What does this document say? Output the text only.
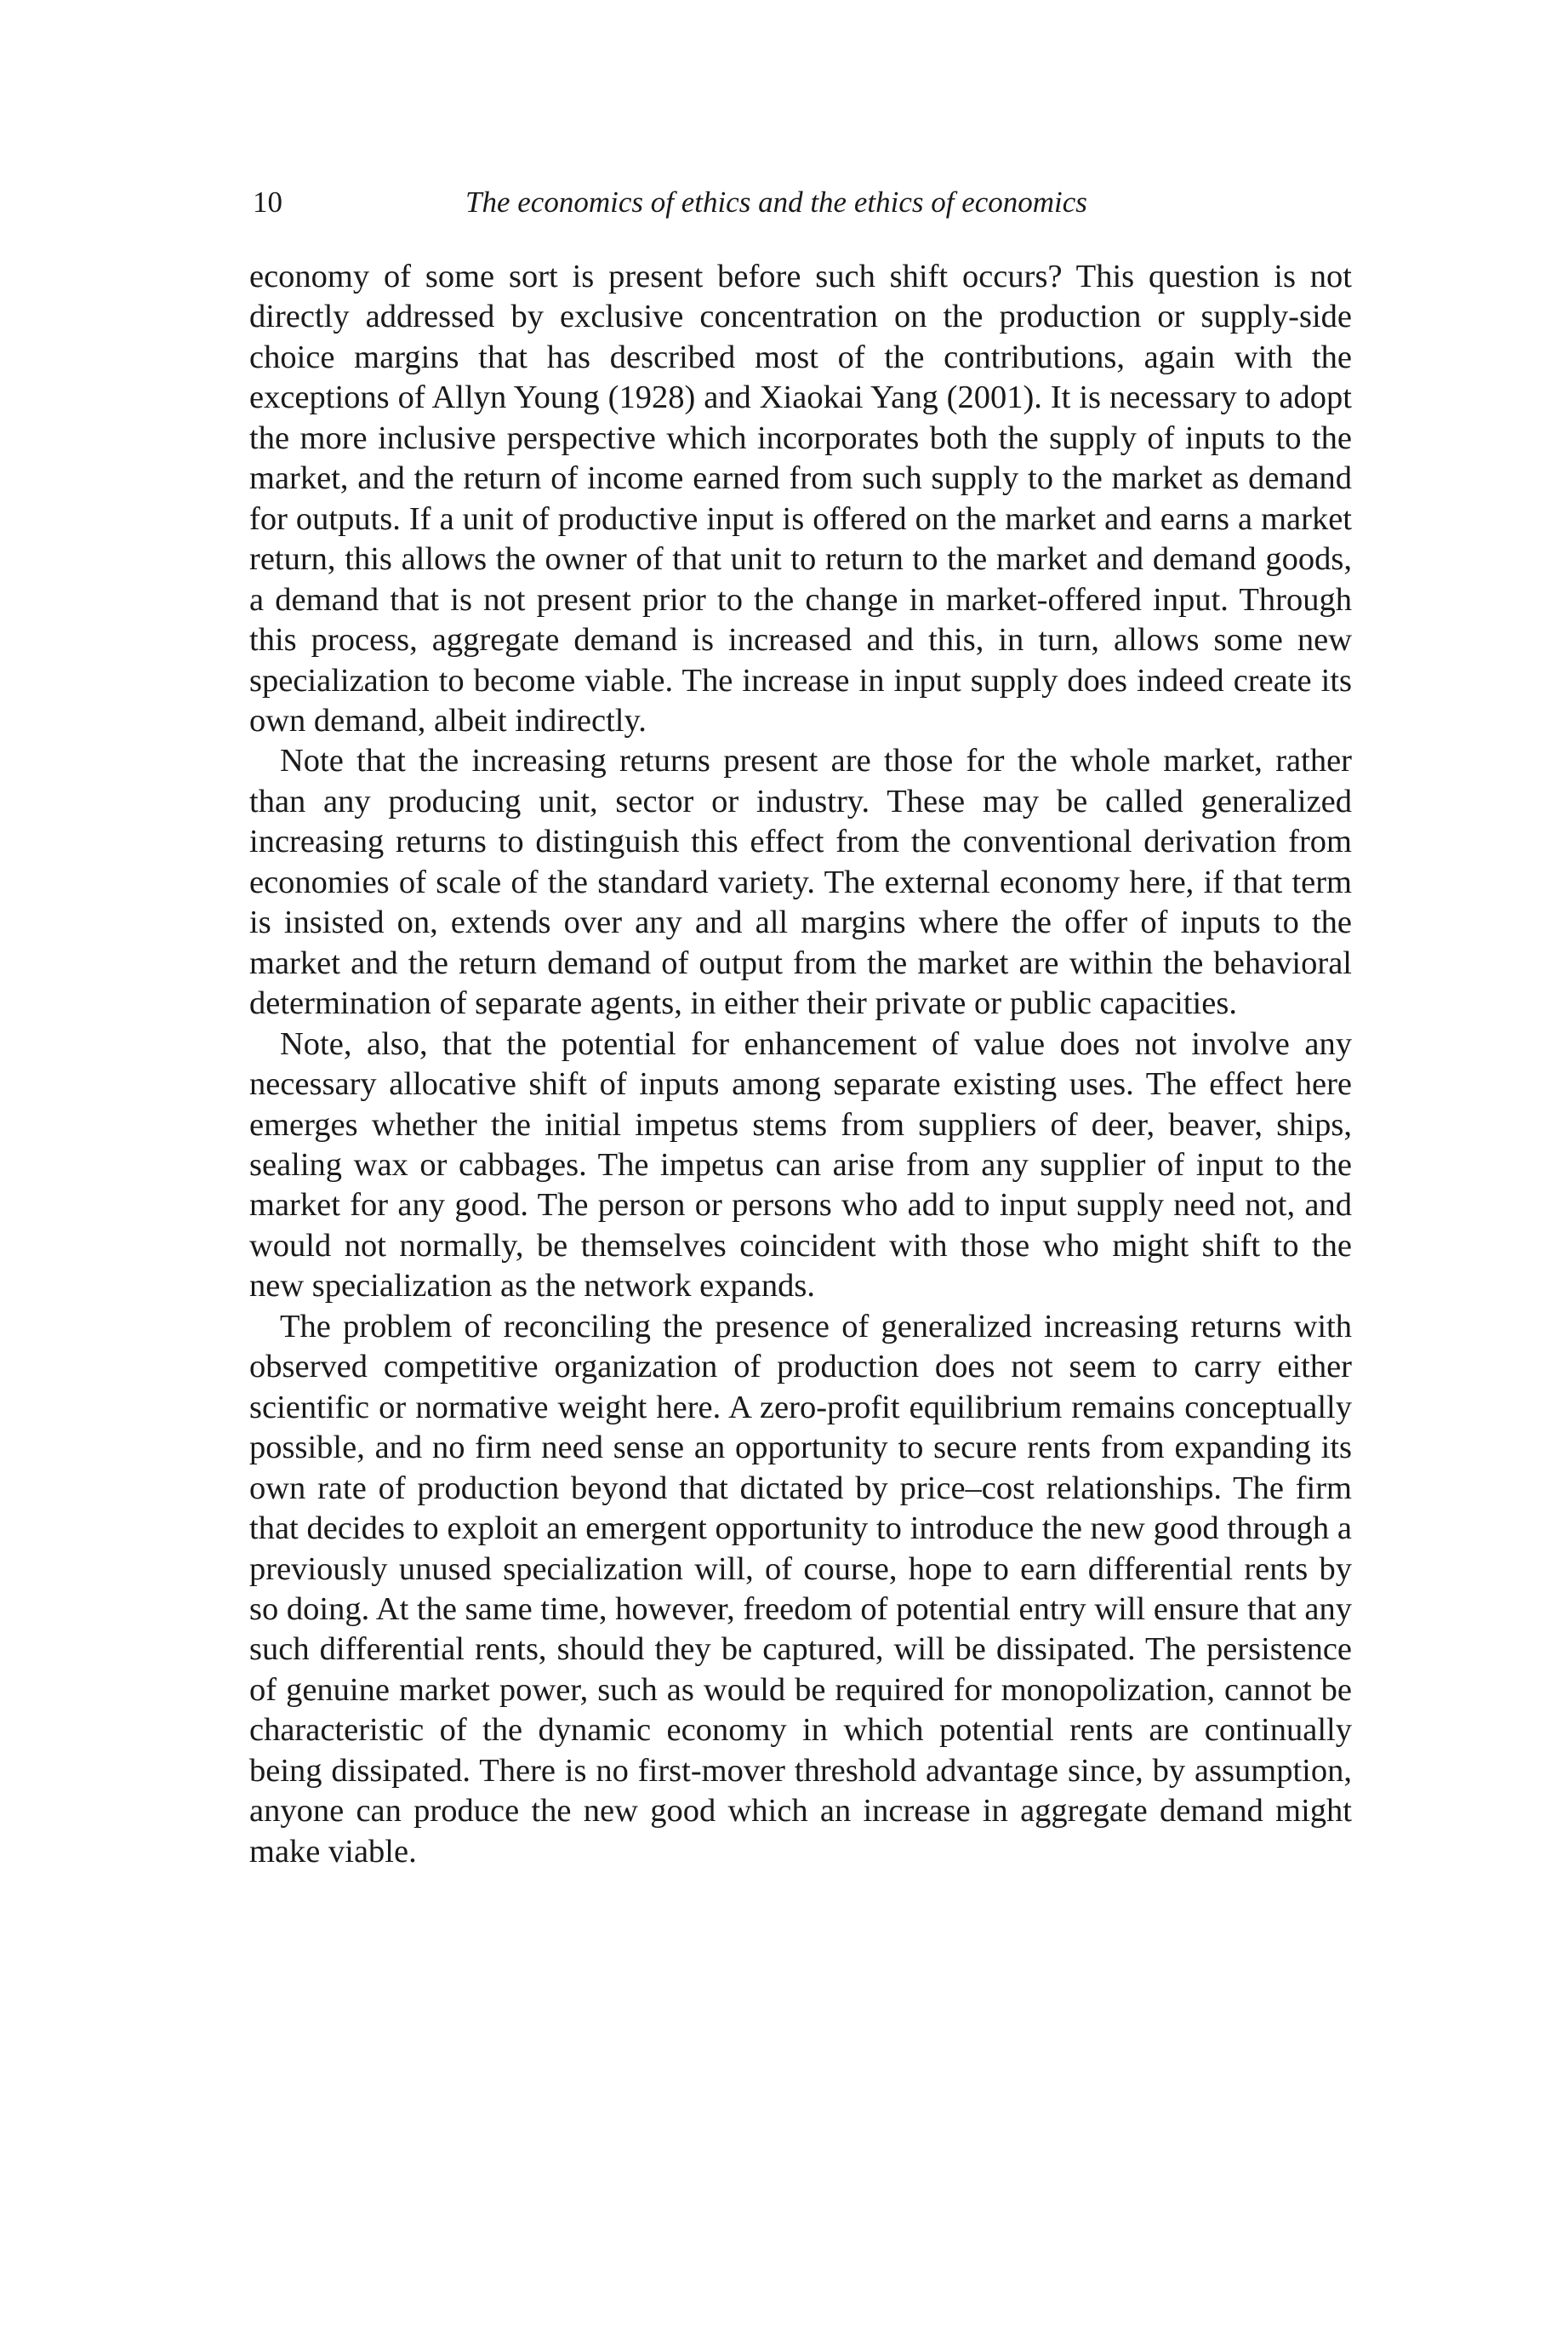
10	The economics of ethics and the ethics of economics

economy of some sort is present before such shift occurs? This question is not directly addressed by exclusive concentration on the production or supply-side choice margins that has described most of the contributions, again with the exceptions of Allyn Young (1928) and Xiaokai Yang (2001). It is necessary to adopt the more inclusive perspective which incorporates both the supply of inputs to the market, and the return of income earned from such supply to the market as demand for outputs. If a unit of productive input is offered on the market and earns a market return, this allows the owner of that unit to return to the market and demand goods, a demand that is not present prior to the change in market-offered input. Through this process, aggregate demand is increased and this, in turn, allows some new specialization to become viable. The increase in input supply does indeed create its own demand, albeit indirectly.

Note that the increasing returns present are those for the whole market, rather than any producing unit, sector or industry. These may be called generalized increasing returns to distinguish this effect from the conventional derivation from economies of scale of the standard variety. The external economy here, if that term is insisted on, extends over any and all margins where the offer of inputs to the market and the return demand of output from the market are within the behavioral determination of separate agents, in either their private or public capacities.

Note, also, that the potential for enhancement of value does not involve any necessary allocative shift of inputs among separate existing uses. The effect here emerges whether the initial impetus stems from suppliers of deer, beaver, ships, sealing wax or cabbages. The impetus can arise from any supplier of input to the market for any good. The person or persons who add to input supply need not, and would not normally, be themselves coincident with those who might shift to the new specialization as the network expands.

The problem of reconciling the presence of generalized increasing returns with observed competitive organization of production does not seem to carry either scientific or normative weight here. A zero-profit equilibrium remains conceptually possible, and no firm need sense an opportunity to secure rents from expanding its own rate of production beyond that dictated by price–cost relationships. The firm that decides to exploit an emergent opportunity to introduce the new good through a previously unused specialization will, of course, hope to earn differential rents by so doing. At the same time, however, freedom of potential entry will ensure that any such differential rents, should they be captured, will be dissipated. The persistence of genuine market power, such as would be required for monopolization, cannot be characteristic of the dynamic economy in which potential rents are continually being dissipated. There is no first-mover threshold advantage since, by assumption, anyone can produce the new good which an increase in aggregate demand might make viable.
